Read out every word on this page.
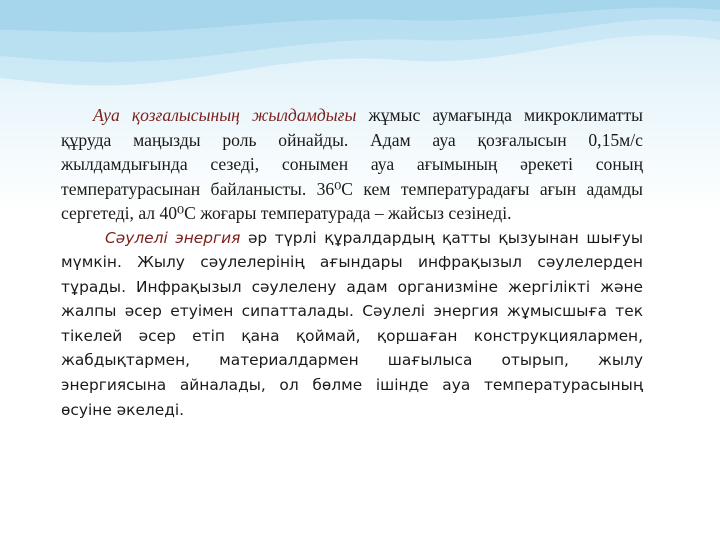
Ауа қозғалысының жылдамдығы жұмыс аумағында микроклиматты құруда маңызды роль ойнайды. Адам ауа қозғалысын 0,15м/с жылдамдығында сезеді, сонымен ауа ағымының әрекеті соның температурасынан байланысты. 36⁰С кем температурадағы ағын адамды сергетеді, ал 40⁰С жоғары температурада – жайсыз сезінеді.

Сәулелі энергия әр түрлі құралдардың қатты қызуынан шығуы мүмкін. Жылу сәулелерінің ағындары инфрақызыл сәулелерден тұрады. Инфрақызыл сәулелену адам организміне жергілікті және жалпы әсер етуімен сипатталады. Сәулелі энергия жұмысшыға тек тікелей әсер етіп қана қоймай, қоршаған конструкциялармен, жабдықтармен, материалдармен шағылыса отырып, жылу энергиясына айналады, ол бөлме ішінде ауа температурасының өсуіне әкеледі.
